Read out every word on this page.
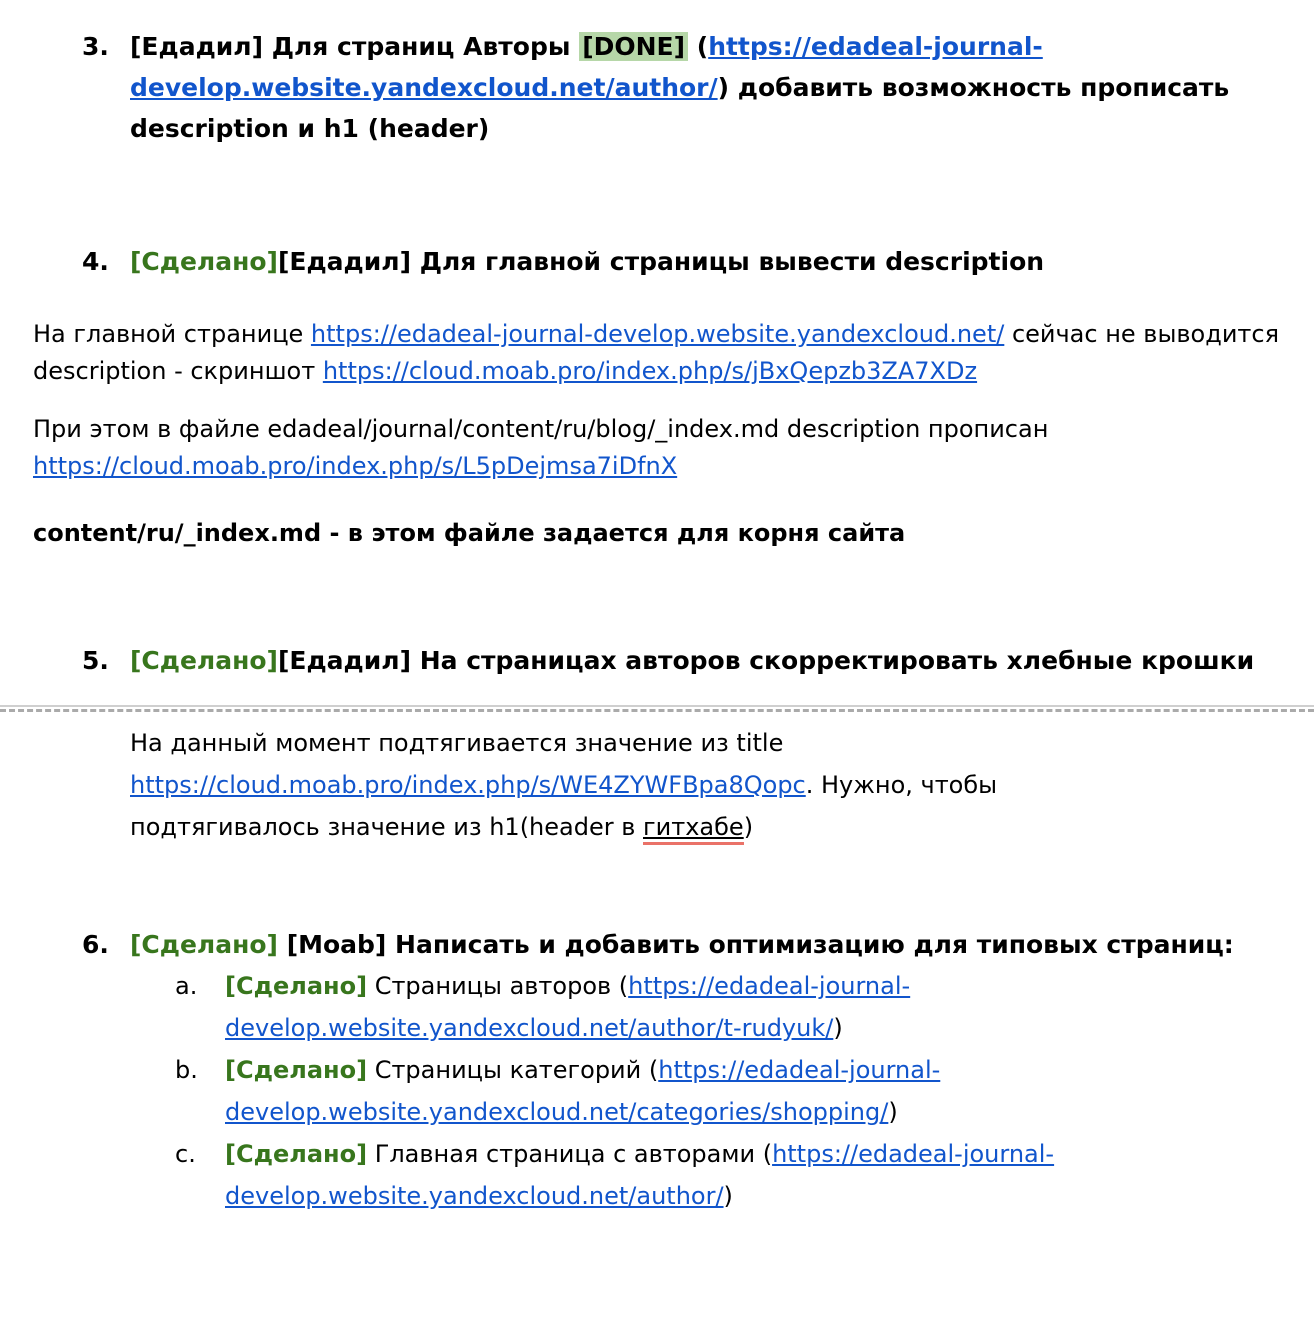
3. [Едадил] Для страниц Авторы [DONE] (https://edadeal-journal-develop.website.yandexcloud.net/author/) добавить возможность прописать description и h1 (header)
4. [Сделано][Едадил] Для главной страницы вывести description

На главной странице https://edadeal-journal-develop.website.yandexcloud.net/ сейчас не выводится description - скриншот https://cloud.moab.pro/index.php/s/jBxQepzb3ZA7XDz

При этом в файле edadeal/journal/content/ru/blog/_index.md description прописан https://cloud.moab.pro/index.php/s/L5pDejmsa7iDfnX

content/ru/_index.md - в этом файле задается для корня сайта

5. [Сделано][Едадил] На страницах авторов скорректировать хлебные крошки

На данный момент подтягивается значение из title https://cloud.moab.pro/index.php/s/WE4ZYWFBpa8Qopc. Нужно, чтобы подтягивалось значение из h1(header в гитхабе)

6. [Сделано] [Moab] Написать и добавить оптимизацию для типовых страниц:
a.	[Сделано] Страницы авторов (https://edadeal-journal-develop.website.yandexcloud.net/author/t-rudyuk/)
b.	[Сделано] Страницы категорий (https://edadeal-journal-develop.website.yandexcloud.net/categories/shopping/)
c.	[Сделано] Главная страница с авторами (https://edadeal-journal-develop.website.yandexcloud.net/author/)
